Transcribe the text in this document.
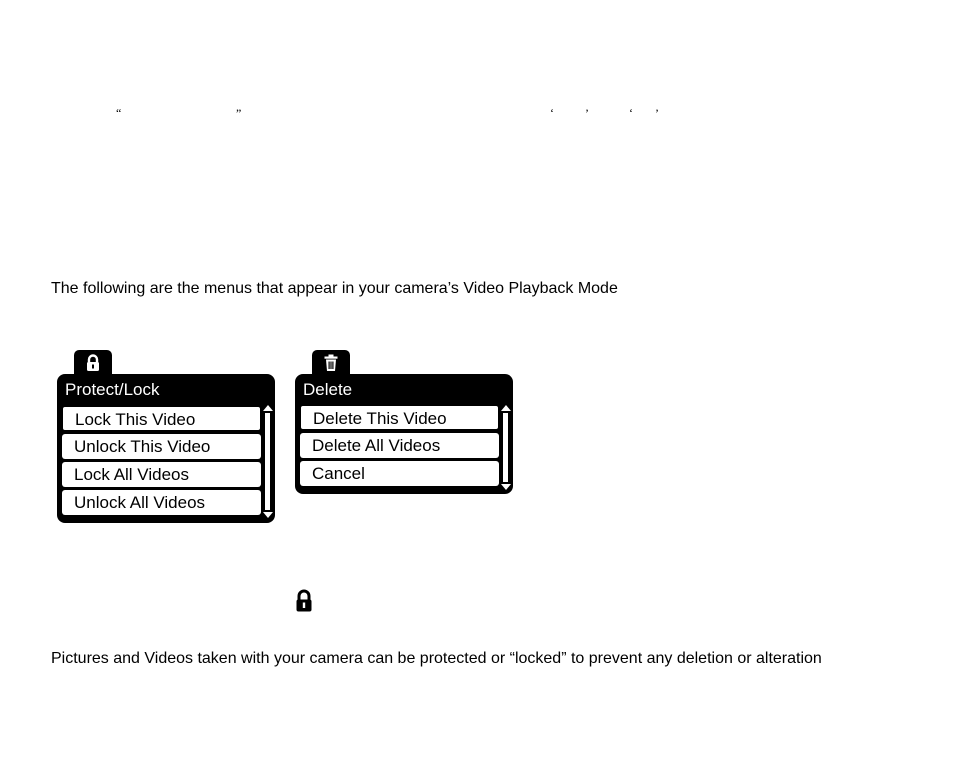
“	”	‘	’	‘ ’
The following are the menus that appear in your camera’s Video Playback Mode
Protect/Lock
Lock This Video
Unlock This Video
Lock All Videos
Unlock All Videos
Delete
Delete This Video
Delete All Videos
Cancel
Pictures and Videos taken with your camera can be protected or “locked” to prevent any deletion or alteration
